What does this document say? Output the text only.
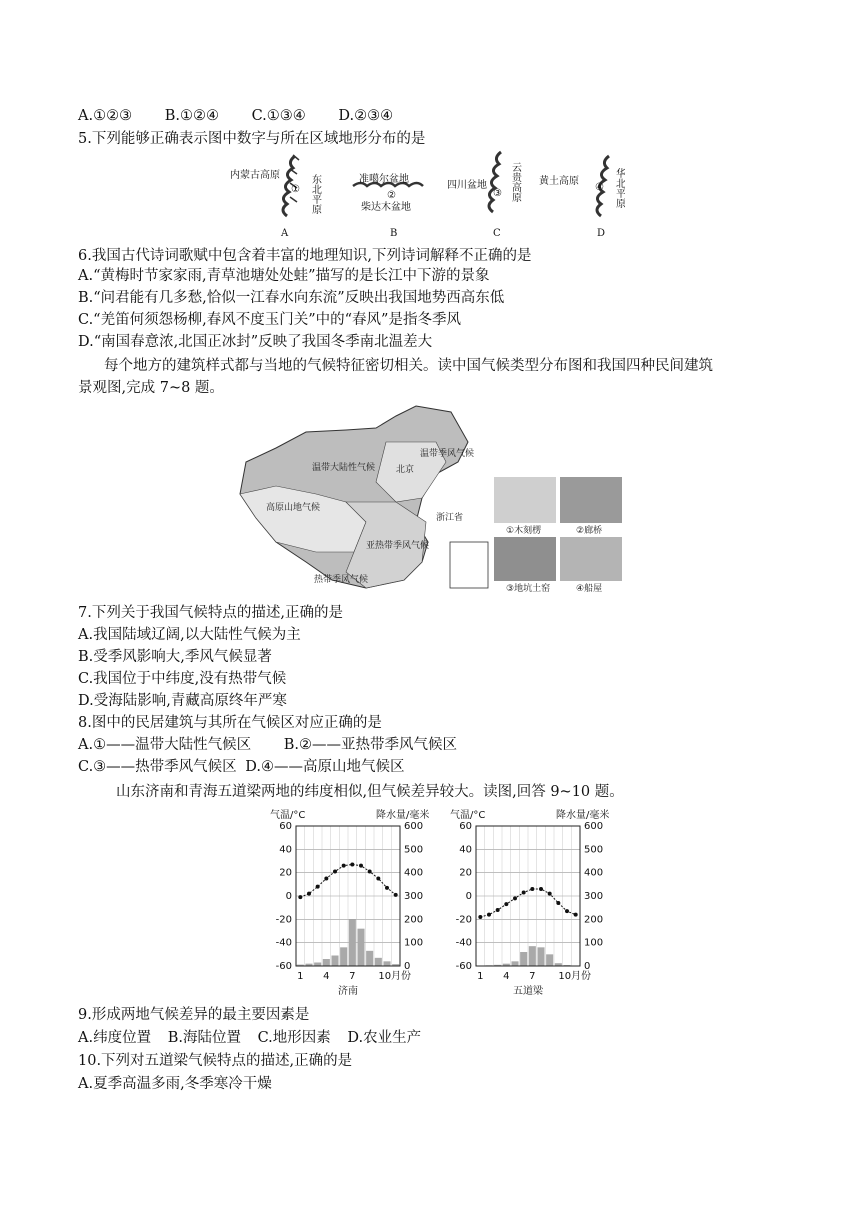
A.①②③ B.①②④ C.①③④ D.②③④
5.下列能够正确表示图中数字与所在区域地形分布的是
内蒙古高原
① 东北平原
A
准噶尔盆地
②
柴达木盆地
B
四川盆地
③ 云贵高原
C
黄土高原
④ 华北平原
D
6.我国古代诗词歌赋中包含着丰富的地理知识,下列诗词解释不正确的是
A.“黄梅时节家家雨,青草池塘处处蛙”描写的是长江中下游的景象
B.“问君能有几多愁,恰似一江春水向东流”反映出我国地势西高东低
C.“羌笛何须怨杨柳,春风不度玉门关”中的“春风”是指冬季风
D.“南国春意浓,北国正冰封”反映了我国冬季南北温差大
每个地方的建筑样式都与当地的气候特征密切相关。读中国气候类型分布图和我国四种民间建筑
景观图,完成 7~8 题。
温带季风气候
温带大陆性气候 北京
高原山地气候
浙江省
亚热带季风气候
热带季风气候
①木刻楞	②廊桥
③地坑土窑	④船屋
7.下列关于我国气候特点的描述,正确的是
A.我国陆域辽阔,以大陆性气候为主
B.受季风影响大,季风气候显著
C.我国位于中纬度,没有热带气候
D.受海陆影响,青藏高原终年严寒
8.图中的民居建筑与其所在气候区对应正确的是
A.①——温带大陆性气候区 B.②——亚热带季风气候区
C.③——热带季风气候区 D.④——高原山地气候区
山东济南和青海五道梁两地的纬度相似,但气候差异较大。读图,回答 9~10 题。
-60
-40
-20
0
20
40
60
0
100
200
300
400
500
600
气温/°C	降水量/毫米
1 4 7 10月份
济南
-60
-40
-20
0
20
40
60
0
100
200
300
400
500
600
气温/°C	降水量/毫米
1 4 7 10月份
五道梁
9.形成两地气候差异的最主要因素是
A.纬度位置 B.海陆位置 C.地形因素 D.农业生产
10.下列对五道梁气候特点的描述,正确的是
A.夏季高温多雨,冬季寒冷干燥
